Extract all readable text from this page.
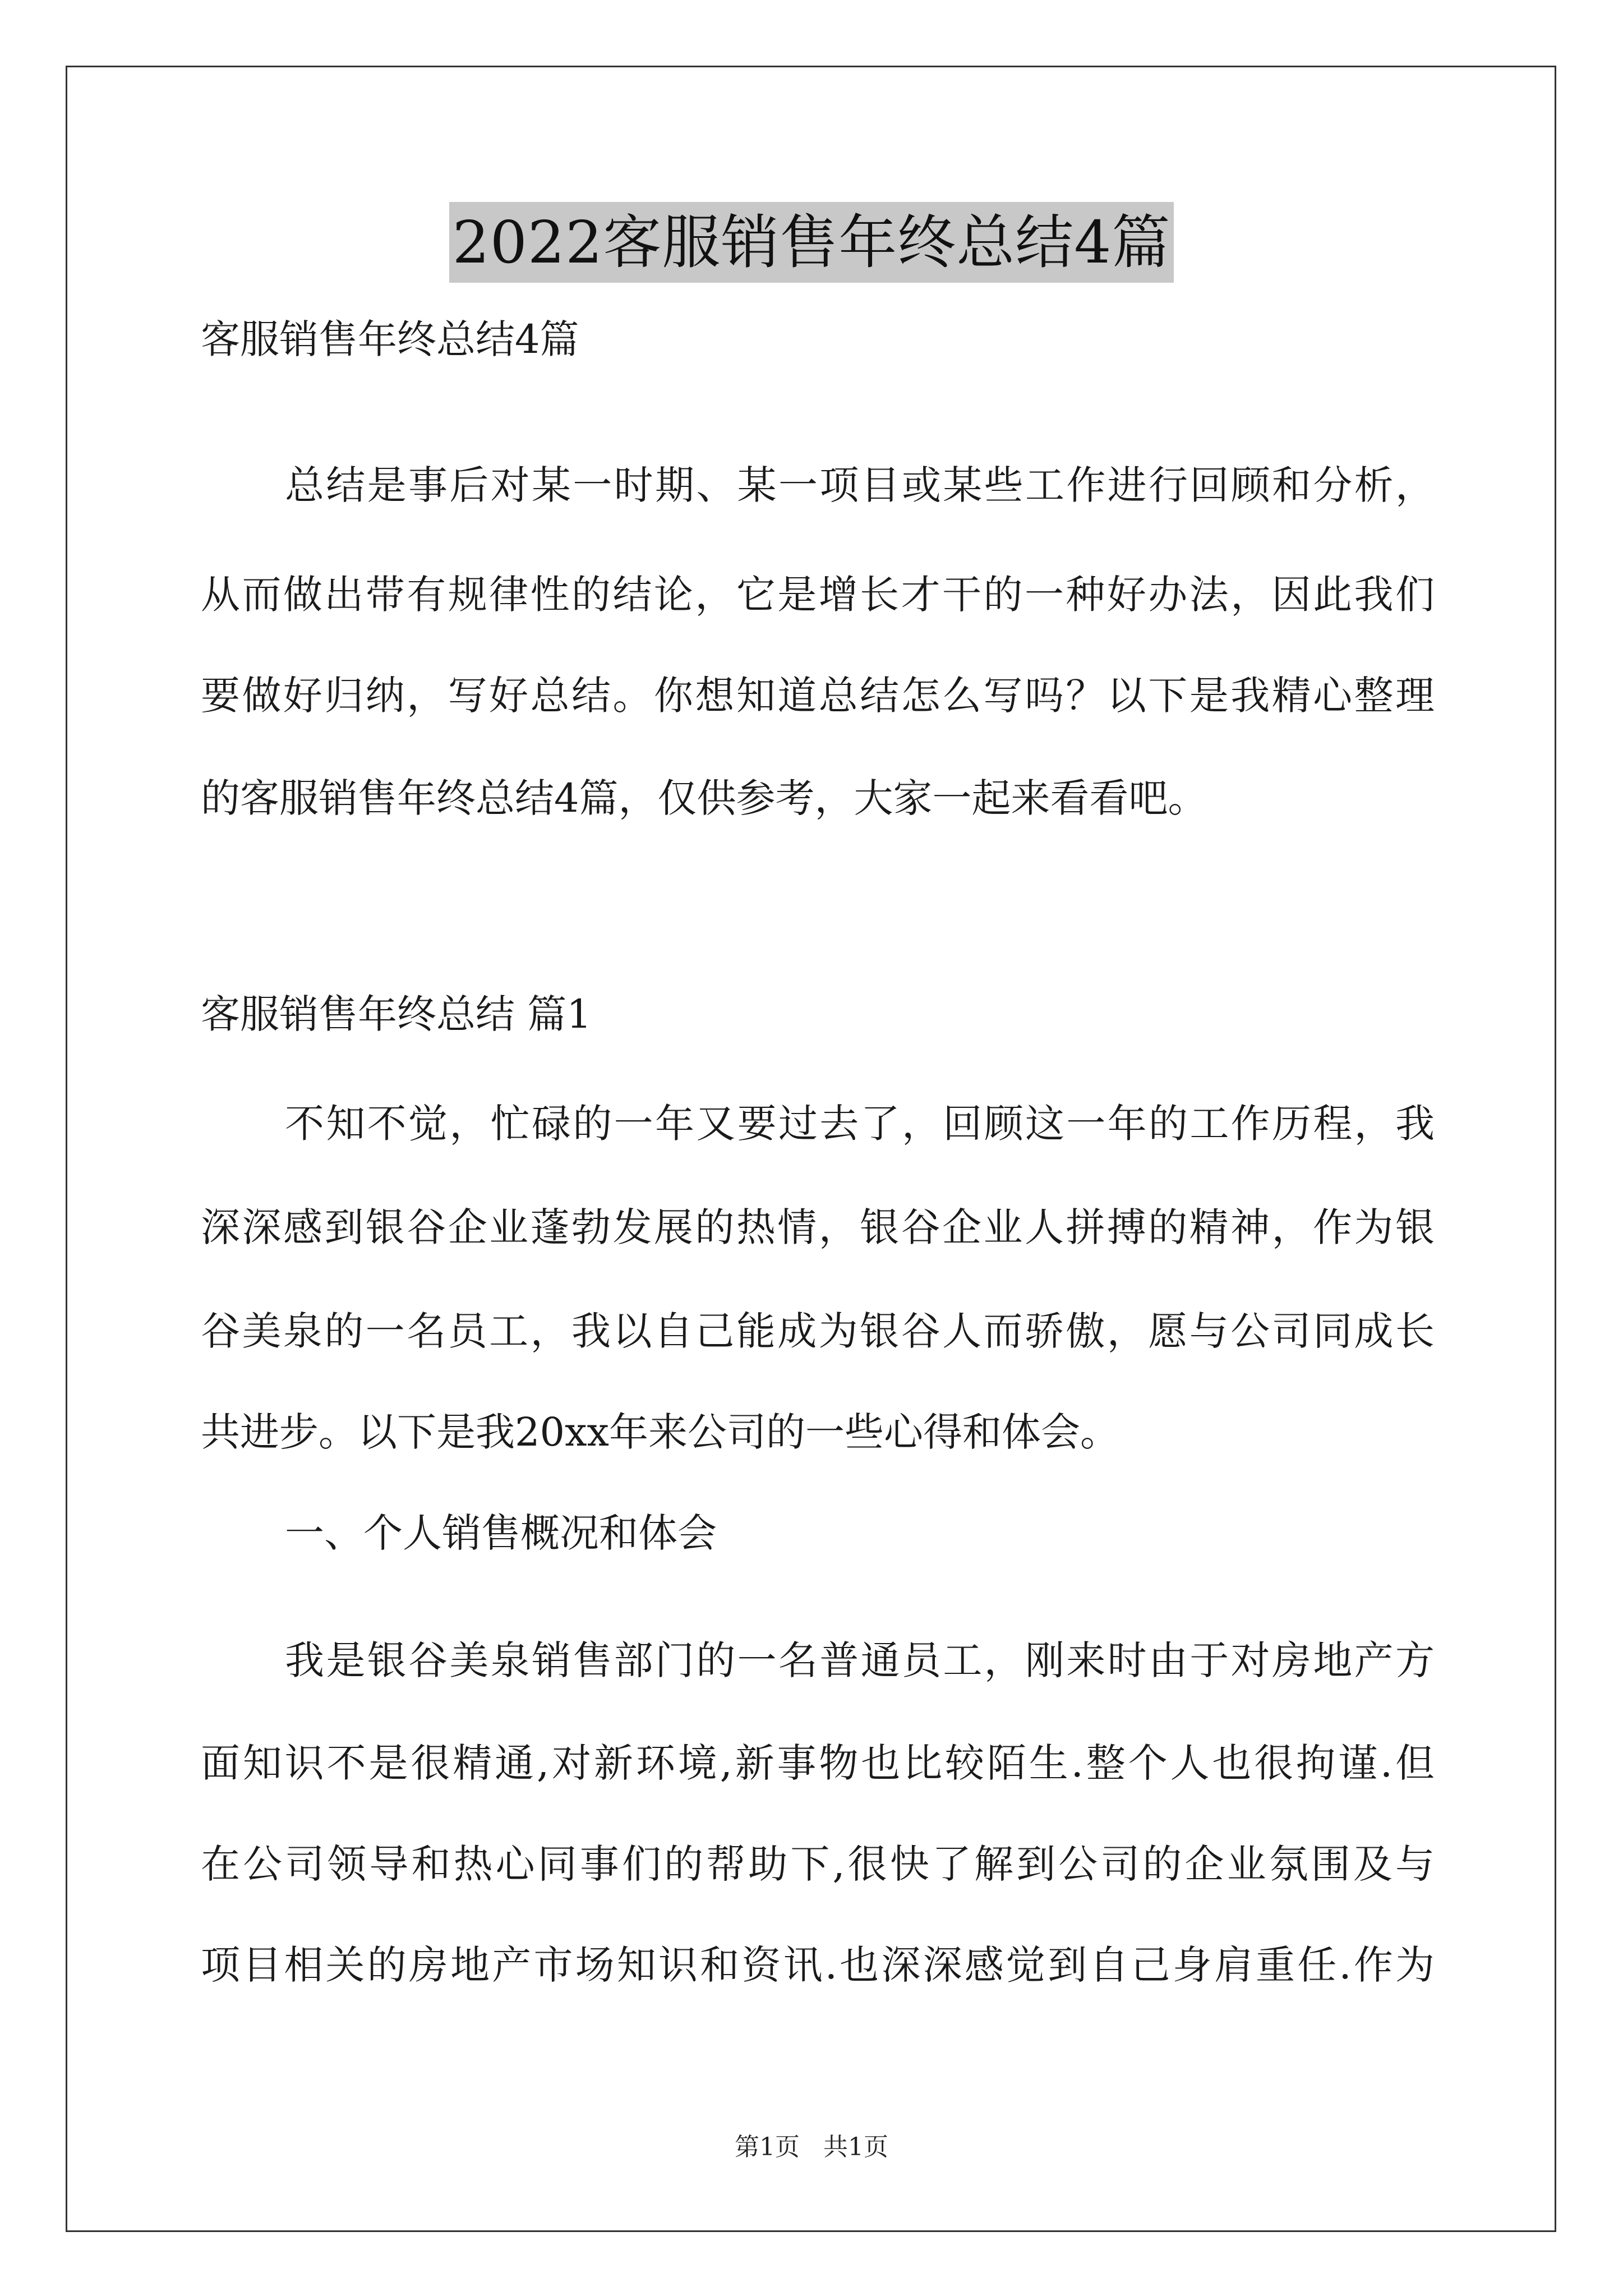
2022客服销售年终总结4篇
客服销售年终总结4篇
总结是事后对某一时期、某一项目或某些工作进行回顾和分析，
从而做出带有规律性的结论，它是增长才干的一种好办法，因此我们
要做好归纳，写好总结。你想知道总结怎么写吗？以下是我精心整理
的客服销售年终总结4篇，仅供参考，大家一起来看看吧。
客服销售年终总结 篇1
不知不觉，忙碌的一年又要过去了，回顾这一年的工作历程，我
深深感到银谷企业蓬勃发展的热情，银谷企业人拼搏的精神，作为银
谷美泉的一名员工，我以自己能成为银谷人而骄傲，愿与公司同成长
共进步。以下是我20xx年来公司的一些心得和体会。
一、个人销售概况和体会
我是银谷美泉销售部门的一名普通员工，刚来时由于对房地产方
面知识不是很精通,对新环境,新事物也比较陌生.整个人也很拘谨.但
在公司领导和热心同事们的帮助下,很快了解到公司的企业氛围及与
项目相关的房地产市场知识和资讯.也深深感觉到自己身肩重任.作为
第1页 共1页
